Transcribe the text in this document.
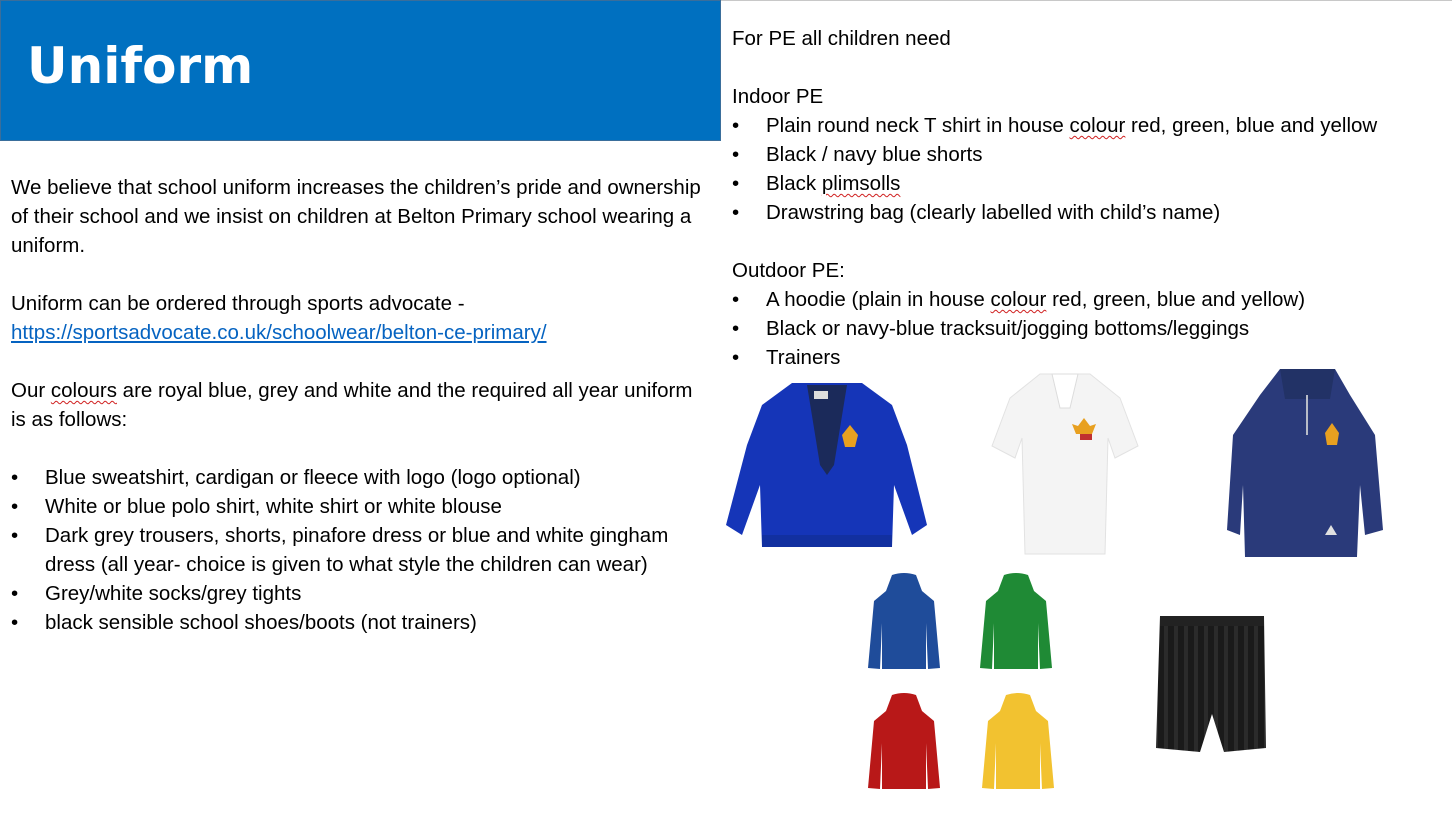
Uniform
We believe that school uniform increases the children’s pride and ownership of their school and we insist on children at Belton Primary school wearing a uniform.
Uniform can be ordered through sports advocate -
https://sportsadvocate.co.uk/schoolwear/belton-ce-primary/
Our colours are royal blue, grey and white and the required all year uniform is as follows:
•	Blue sweatshirt, cardigan or fleece with logo (logo optional)
•	White or blue polo shirt, white shirt or white blouse
•	Dark grey trousers, shorts, pinafore dress or blue and white gingham dress (all year- choice is given to what style the children can wear)
•	Grey/white socks/grey tights
•	black sensible school shoes/boots (not trainers)
For PE all children need
Indoor PE
•	Plain round neck T shirt in house colour red, green, blue and yellow
•	Black / navy blue shorts
•	Black plimsolls
•	Drawstring bag (clearly labelled with child’s name)
Outdoor PE:
•	A hoodie (plain in house colour red, green, blue and yellow)
•	Black or navy-blue tracksuit/jogging bottoms/leggings
•	Trainers
